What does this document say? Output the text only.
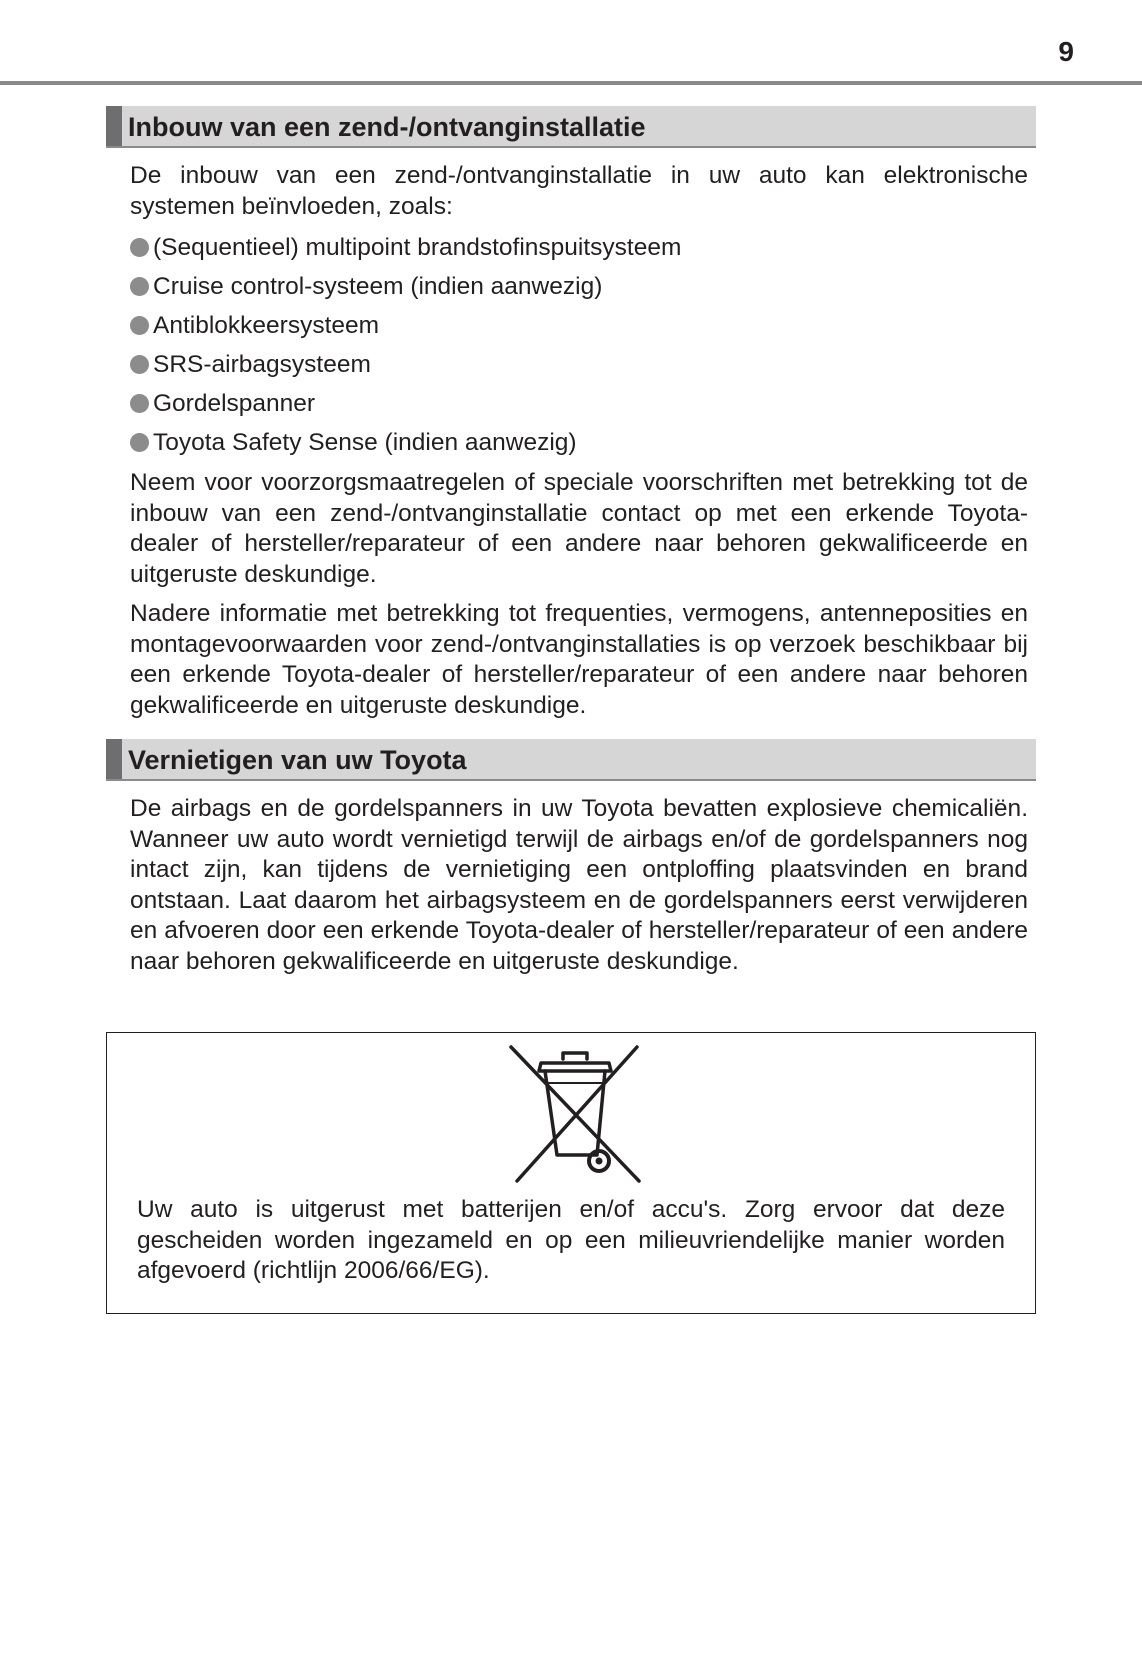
9
Inbouw van een zend-/ontvanginstallatie

De inbouw van een zend-/ontvanginstallatie in uw auto kan elektronische systemen beïnvloeden, zoals:

(Sequentieel) multipoint brandstofinspuitsysteem
Cruise control-systeem (indien aanwezig)
Antiblokkeersysteem
SRS-airbagsysteem
Gordelspanner
Toyota Safety Sense (indien aanwezig)

Neem voor voorzorgsmaatregelen of speciale voorschriften met betrekking tot de inbouw van een zend-/ontvanginstallatie contact op met een erkende Toyota-dealer of hersteller/reparateur of een andere naar behoren gekwalificeerde en uitgeruste deskundige.

Nadere informatie met betrekking tot frequenties, vermogens, antenneposities en montagevoorwaarden voor zend-/ontvanginstallaties is op verzoek beschikbaar bij een erkende Toyota-dealer of hersteller/reparateur of een andere naar behoren gekwalificeerde en uitgeruste deskundige.

Vernietigen van uw Toyota

De airbags en de gordelspanners in uw Toyota bevatten explosieve chemicaliën. Wanneer uw auto wordt vernietigd terwijl de airbags en/of de gordelspanners nog intact zijn, kan tijdens de vernietiging een ontploffing plaatsvinden en brand ontstaan. Laat daarom het airbagsysteem en de gordelspanners eerst verwijderen en afvoeren door een erkende Toyota-dealer of hersteller/reparateur of een andere naar behoren gekwalificeerde en uitgeruste deskundige.

Uw auto is uitgerust met batterijen en/of accu's. Zorg ervoor dat deze gescheiden worden ingezameld en op een milieuvriendelijke manier worden afgevoerd (richtlijn 2006/66/EG).
